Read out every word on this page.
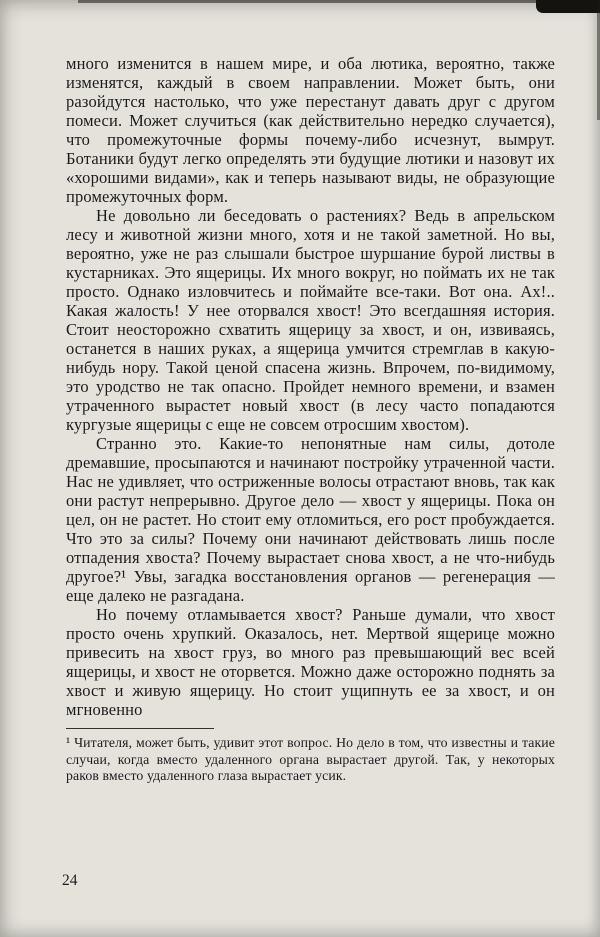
много изменится в нашем мире, и оба лютика, вероятно, также изменятся, каждый в своем направлении. Может быть, они разойдутся настолько, что уже перестанут давать друг с другом помеси. Может случиться (как действительно нередко случается), что промежуточные формы почему-либо исчезнут, вымрут. Ботаники будут легко определять эти будущие лютики и назовут их «хорошими видами», как и теперь называют виды, не образующие промежуточных форм.

Не довольно ли беседовать о растениях? Ведь в апрельском лесу и животной жизни много, хотя и не такой заметной. Но вы, вероятно, уже не раз слышали быстрое шуршание бурой листвы в кустарниках. Это ящерицы. Их много вокруг, но поймать их не так просто. Однако изловчитесь и поймайте все-таки. Вот она. Ах!.. Какая жалость! У нее оторвался хвост! Это всегдашняя история. Стоит неосторожно схватить ящерицу за хвост, и он, извиваясь, останется в наших руках, а ящерица умчится стремглав в какую-нибудь нору. Такой ценой спасена жизнь. Впрочем, по-видимому, это уродство не так опасно. Пройдет немного времени, и взамен утраченного вырастет новый хвост (в лесу часто попадаются кургузые ящерицы с еще не совсем отросшим хвостом).

Странно это. Какие-то непонятные нам силы, дотоле дремавшие, просыпаются и начинают постройку утраченной части. Нас не удивляет, что остриженные волосы отрастают вновь, так как они растут непрерывно. Другое дело — хвост у ящерицы. Пока он цел, он не растет. Но стоит ему отломиться, его рост пробуждается. Что это за силы? Почему они начинают действовать лишь после отпадения хвоста? Почему вырастает снова хвост, а не что-нибудь другое?¹ Увы, загадка восстановления органов — регенерация — еще далеко не разгадана.

Но почему отламывается хвост? Раньше думали, что хвост просто очень хрупкий. Оказалось, нет. Мертвой ящерице можно привесить на хвост груз, во много раз превышающий вес всей ящерицы, и хвост не оторвется. Можно даже осторожно поднять за хвост и живую ящерицу. Но стоит ущипнуть ее за хвост, и он мгновенно

¹ Читателя, может быть, удивит этот вопрос. Но дело в том, что известны и такие случаи, когда вместо удаленного органа вырастает другой. Так, у некоторых раков вместо удаленного глаза вырастает усик.
24
